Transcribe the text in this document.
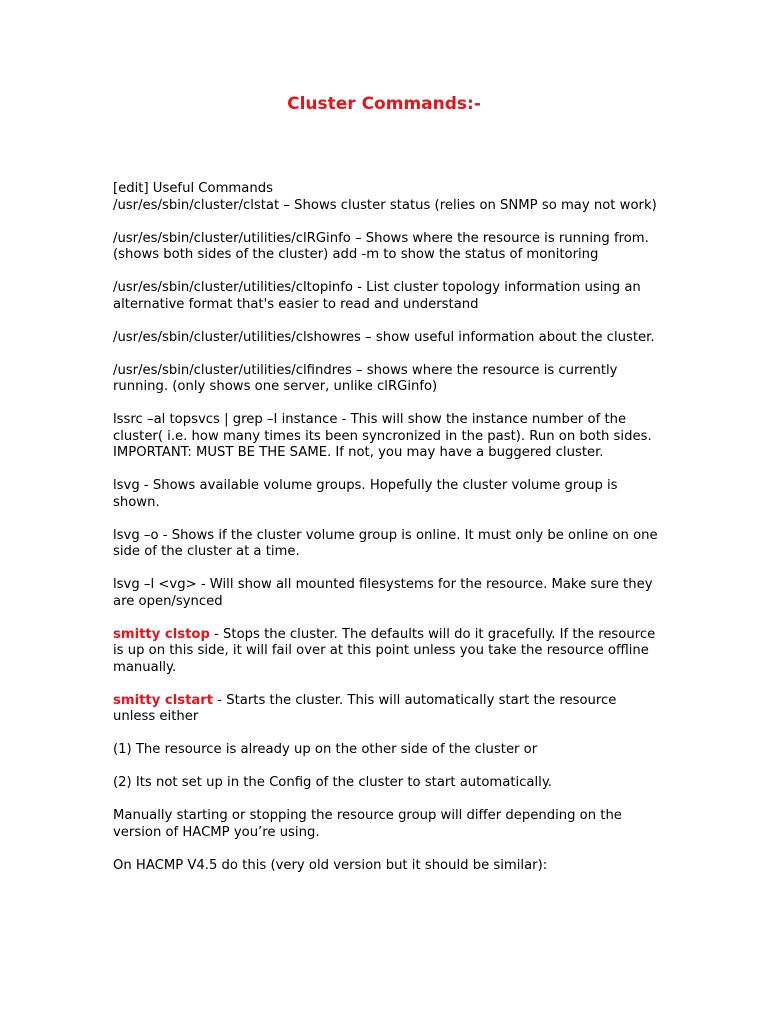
Cluster Commands:-

[edit] Useful Commands

/usr/es/sbin/cluster/clstat – Shows cluster status (relies on SNMP so may not work)

/usr/es/sbin/cluster/utilities/clRGinfo – Shows where the resource is running from. (shows both sides of the cluster) add -m to show the status of monitoring

/usr/es/sbin/cluster/utilities/cltopinfo - List cluster topology information using an alternative format that's easier to read and understand

/usr/es/sbin/cluster/utilities/clshowres – show useful information about the cluster.

/usr/es/sbin/cluster/utilities/clfindres – shows where the resource is currently running. (only shows one server, unlike clRGinfo)

lssrc –al topsvcs | grep –I instance - This will show the instance number of the cluster( i.e. how many times its been syncronized in the past). Run on both sides. IMPORTANT: MUST BE THE SAME. If not, you may have a buggered cluster.

lsvg - Shows available volume groups. Hopefully the cluster volume group is shown.

lsvg –o - Shows if the cluster volume group is online. It must only be online on one side of the cluster at a time.

lsvg –l <vg> - Will show all mounted filesystems for the resource. Make sure they are open/synced

smitty clstop - Stops the cluster. The defaults will do it gracefully. If the resource is up on this side, it will fail over at this point unless you take the resource offline manually.

smitty clstart - Starts the cluster. This will automatically start the resource unless either

(1) The resource is already up on the other side of the cluster or

(2) Its not set up in the Config of the cluster to start automatically.

Manually starting or stopping the resource group will differ depending on the version of HACMP you’re using.

On HACMP V4.5 do this (very old version but it should be similar):
